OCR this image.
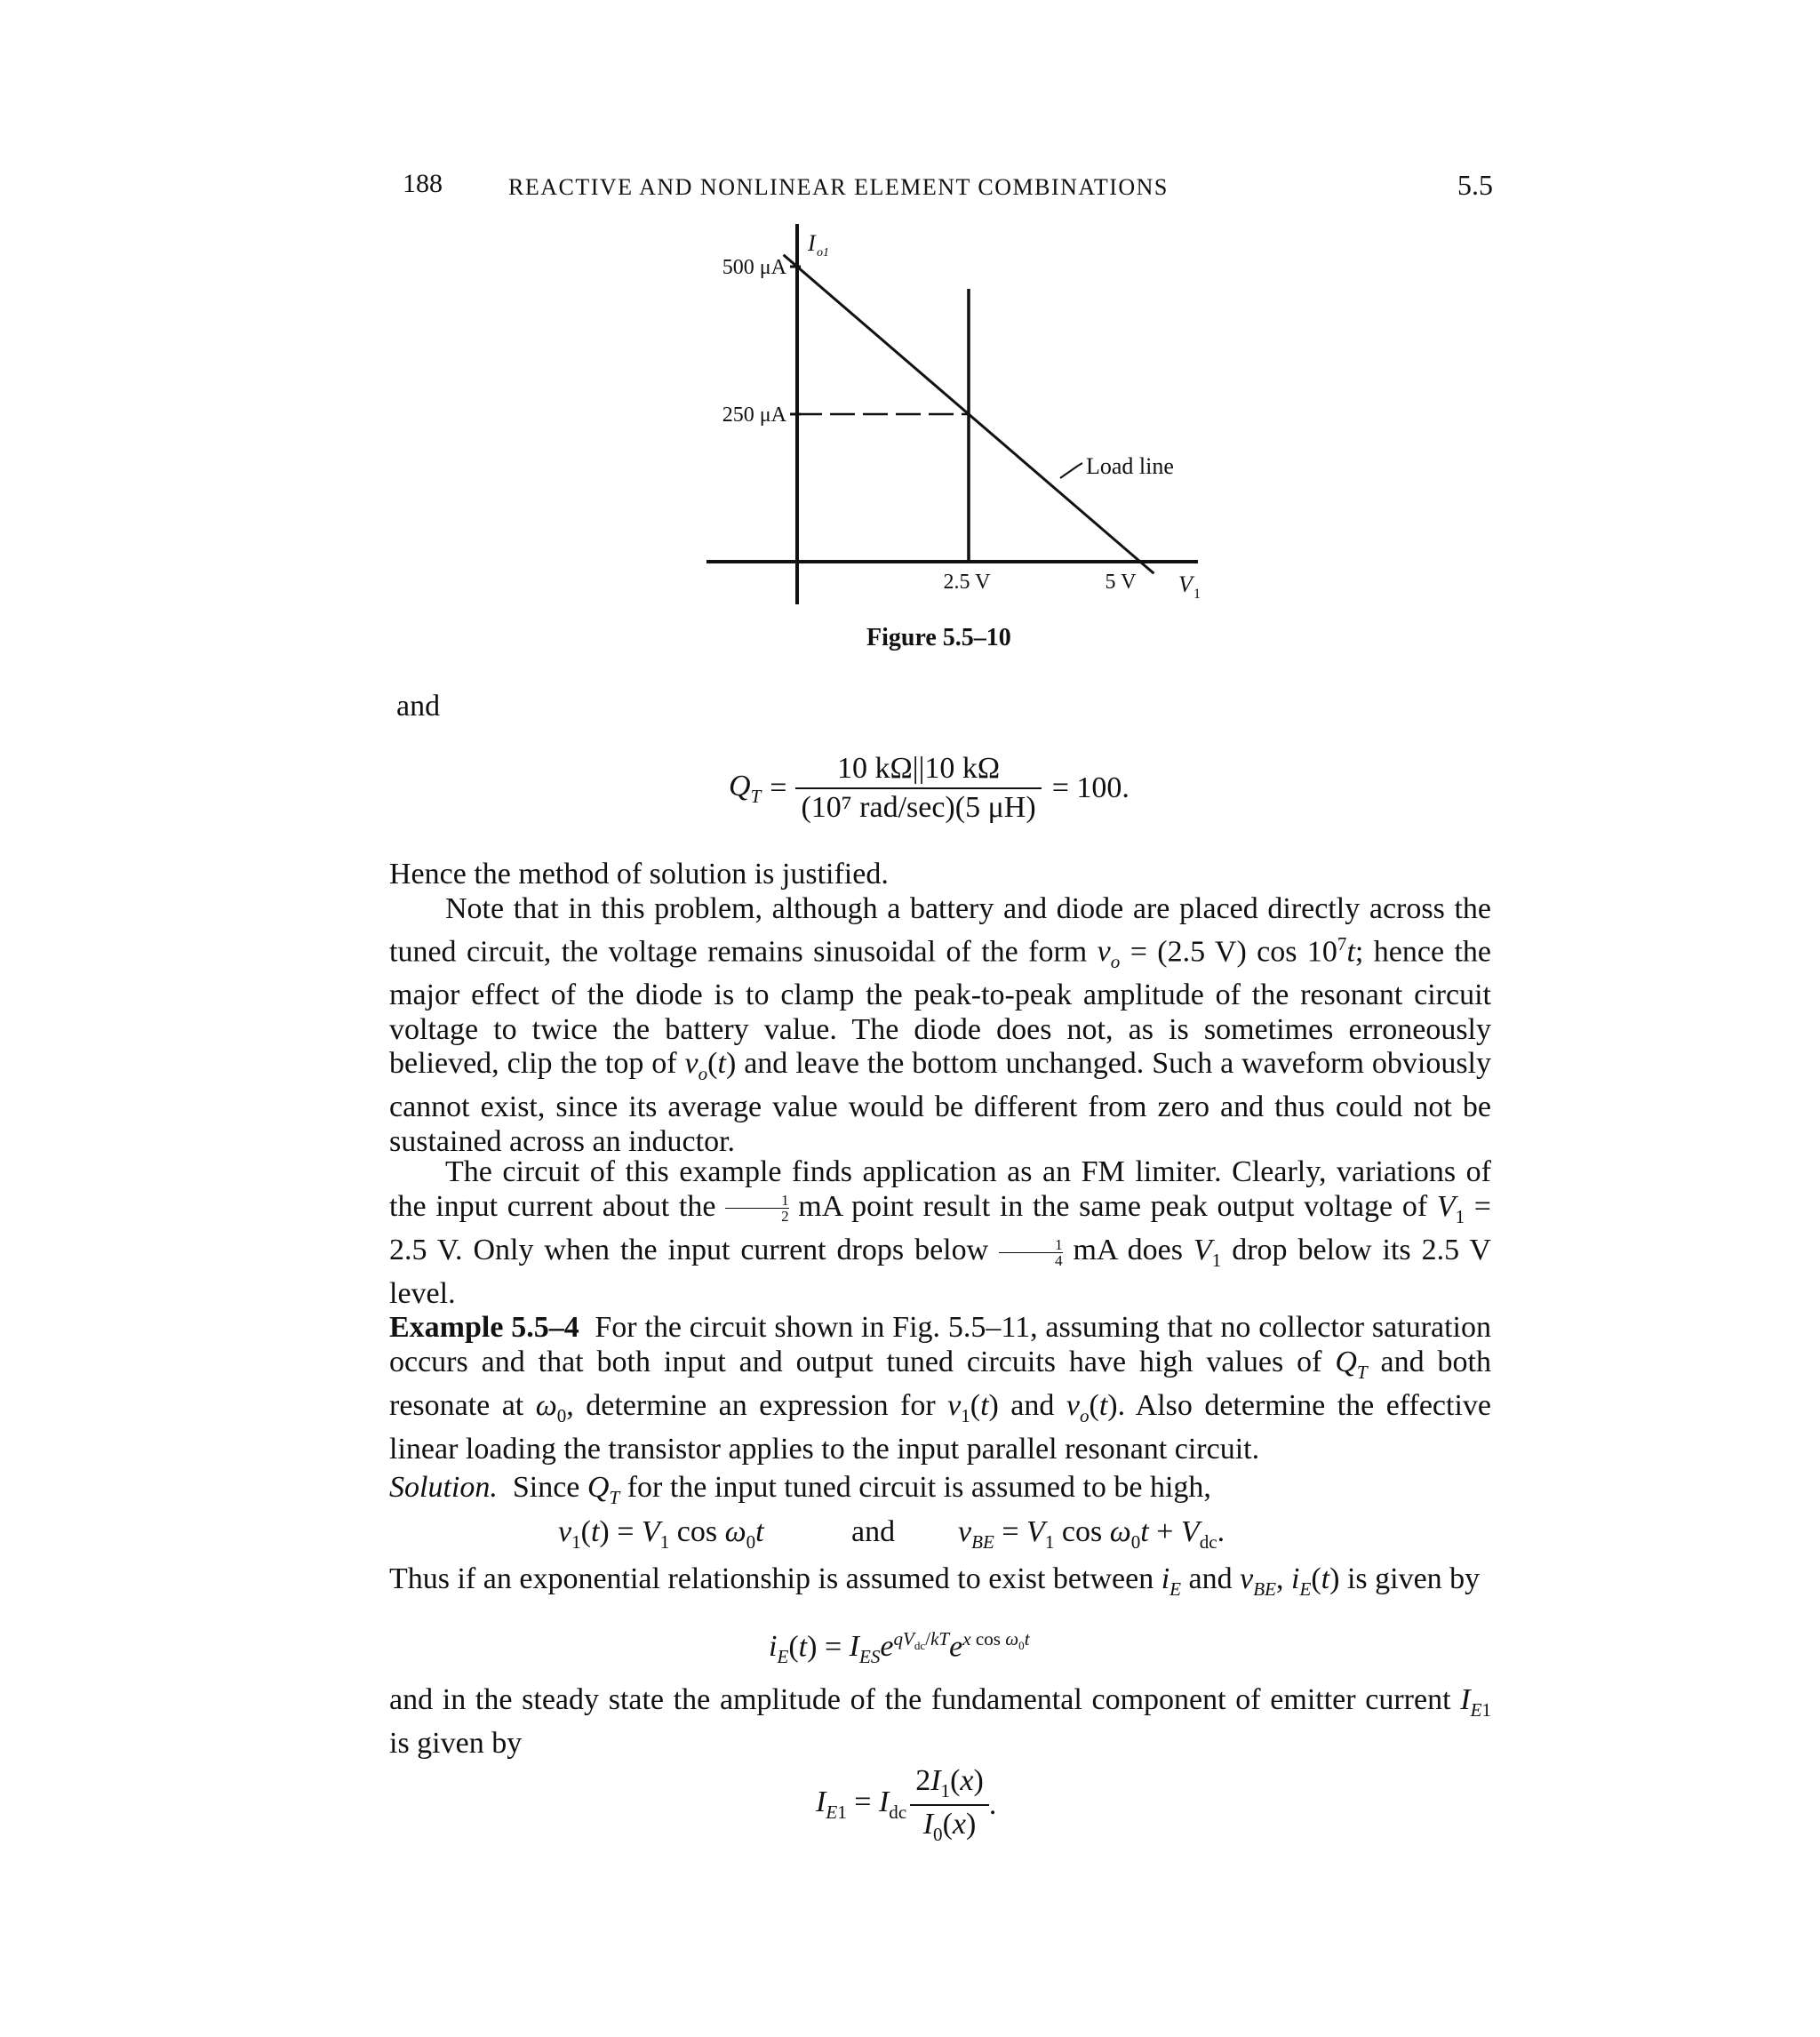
188	REACTIVE AND NONLINEAR ELEMENT COMBINATIONS	5.5
500 μA
250 μA
2.5 V	5 V
I o1
V 1
Load line
Figure 5.5–10
and
$Q_T = \frac{10 k\Omega||10 k\Omega}{\text{(10⁷ rad/sec)(5 μH)}} = 100$.
Hence the method of solution is justified.
Note that in this problem, although a battery and diode are placed directly across the tuned circuit, the voltage remains sinusoidal of the form $v_o = (2.5$ V) $\cos 10^7t$; hence the major effect of the diode is to clamp the peak-to-peak amplitude of the resonant circuit voltage to twice the battery value. The diode does not, as is sometimes erroneously believed, clip the top of $v_o(t)$ and leave the bottom unchanged. Such a waveform obviously cannot exist, since its average value would be different from zero and thus could not be sustained across an inductor.
The circuit of this example finds application as an FM limiter. Clearly, variations of the input current about the $\frac{1}{2}$ mA point result in the same peak output voltage of $V_1 = 2.5$ V. Only when the input current drops below $\frac{1}{4}$ mA does $V_1$ drop below its 2.5 V level.
Example 5.5–4  For the circuit shown in Fig. 5.5–11, assuming that no collector saturation occurs and that both input and output tuned circuits have high values of $Q_T$ and both resonate at $\omega_0$, determine an expression for $v_1(t)$ and $v_o(t)$. Also determine the effective linear loading the transistor applies to the input parallel resonant circuit.
Solution.  Since $Q_T$ for the input tuned circuit is assumed to be high,
$v_1(t) = V_1$ $\cos \omega_0t$	and $v_{BE} = V_1$ $\cos \omega_0t + V_{dc}$.
Thus if an exponential relationship is assumed to exist between $i_E$ and $v_{BE}$, $i_E(t)$ is given by
$i_E(t) = I_{ES}e^{qV_{dc}/kT}e^{x cos \omega_0t}$
and in the steady state the amplitude of the fundamental component of emitter current $I_{E1}$ is given by
$I_{E1} = I_{dc} \frac{2I_1(x)}{I_0(x)}$ .
